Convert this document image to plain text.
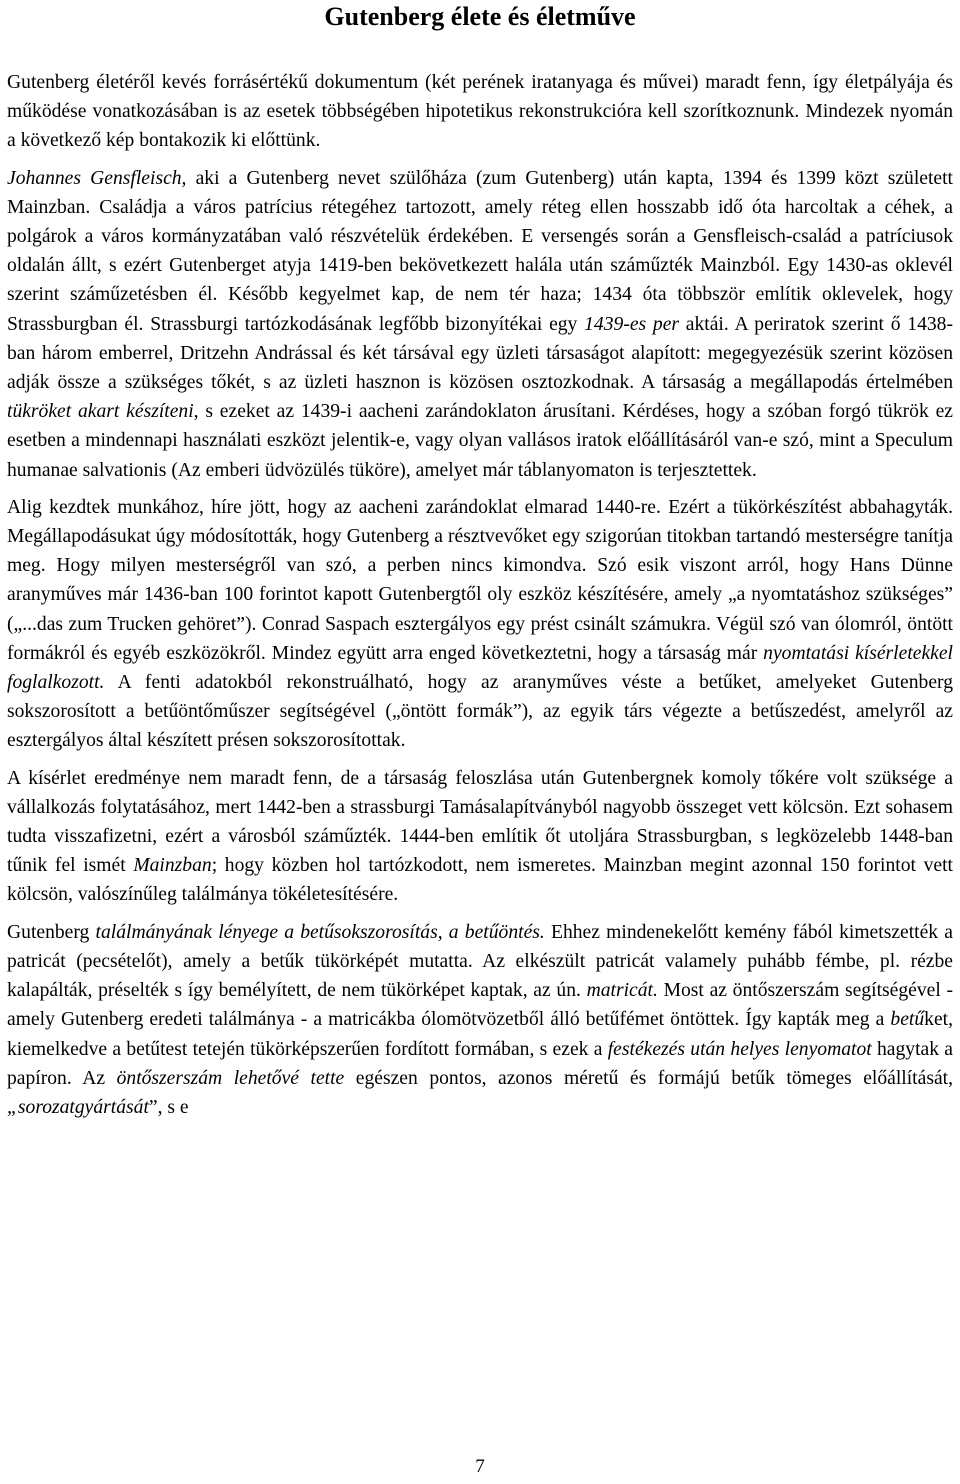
Gutenberg élete és életműve

Gutenberg életéről kevés forrásértékű dokumentum (két perének iratanyaga és művei) maradt fenn, így életpályája és működése vonatkozásában is az esetek többségében hipotetikus rekonstrukcióra kell szorítkoznunk. Mindezek nyomán a következő kép bontakozik ki előttünk.

Johannes Gensfleisch, aki a Gutenberg nevet szülőháza (zum Gutenberg) után kapta, 1394 és 1399 közt született Mainzban. Családja a város patrícius rétegéhez tartozott, amely réteg ellen hosszabb idő óta harcoltak a céhek, a polgárok a város kormányzatában való részvételük érdekében. E versengés során a Gensfleisch-család a patríciusok oldalán állt, s ezért Gutenberget atyja 1419-ben bekövetkezett halála után száműzték Mainzból. Egy 1430-as oklevél szerint száműzetésben él. Később kegyelmet kap, de nem tér haza; 1434 óta többször említik oklevelek, hogy Strassburgban él. Strassburgi tartózkodásának legfőbb bizonyítékai egy 1439-es per aktái. A periratok szerint ő 1438-ban három emberrel, Dritzehn Andrással és két társával egy üzleti társaságot alapított: megegyezésük szerint közösen adják össze a szükséges tőkét, s az üzleti hasznon is közösen osztozkodnak. A társaság a megállapodás értelmében tükröket akart készíteni, s ezeket az 1439-i aacheni zarándoklaton árusítani. Kérdéses, hogy a szóban forgó tükrök ez esetben a mindennapi használati eszközt jelentik-e, vagy olyan vallásos iratok előállításáról van-e szó, mint a Speculum humanae salvationis (Az emberi üdvözülés tüköre), amelyet már táblanyomaton is terjesztettek.

Alig kezdtek munkához, híre jött, hogy az aacheni zarándoklat elmarad 1440-re. Ezért a tükörkészítést abbahagyták. Megállapodásukat úgy módosították, hogy Gutenberg a résztvevőket egy szigorúan titokban tartandó mesterségre tanítja meg. Hogy milyen mesterségről van szó, a perben nincs kimondva. Szó esik viszont arról, hogy Hans Dünne aranyműves már 1436-ban 100 forintot kapott Gutenbergtől oly eszköz készítésére, amely „a nyomtatáshoz szükséges” („...das zum Trucken gehöret”). Conrad Saspach esztergályos egy prést csinált számukra. Végül szó van ólomról, öntött formákról és egyéb eszközökről. Mindez együtt arra enged következtetni, hogy a társaság már nyomtatási kísérletekkel foglalkozott. A fenti adatokból rekonstruálható, hogy az aranyműves véste a betűket, amelyeket Gutenberg sokszorosított a betűöntőműszer segítségével („öntött formák”), az egyik társ végezte a betűszedést, amelyről az esztergályos által készített présen sokszorosítottak.

A kísérlet eredménye nem maradt fenn, de a társaság feloszlása után Gutenbergnek komoly tőkére volt szüksége a vállalkozás folytatásához, mert 1442-ben a strassburgi Tamásalapítványból nagyobb összeget vett kölcsön. Ezt sohasem tudta visszafizetni, ezért a városból száműzték. 1444-ben említik őt utoljára Strassburgban, s legközelebb 1448-ban tűnik fel ismét Mainzban; hogy közben hol tartózkodott, nem ismeretes. Mainzban megint azonnal 150 forintot vett kölcsön, valószínűleg találmánya tökéletesítésére.

Gutenberg találmányának lényege a betűsokszorosítás, a betűöntés. Ehhez mindenekelőtt kemény fából kimetszették a patricát (pecsételőt), amely a betűk tükörképét mutatta. Az elkészült patricát valamely puhább fémbe, pl. rézbe kalapálták, préselték s így bemélyített, de nem tükörképet kaptak, az ún. matricát. Most az öntőszerszám segítségével - amely Gutenberg eredeti találmánya - a matricákba ólomötvözetből álló betűfémet öntöttek. Így kapták meg a betűket, kiemelkedve a betűtest tetején tükörképszerűen fordított formában, s ezek a festékezés után helyes lenyomatot hagytak a papíron. Az öntőszerszám lehetővé tette egészen pontos, azonos méretű és formájú betűk tömeges előállítását, „sorozatgyártását”, s e

7
